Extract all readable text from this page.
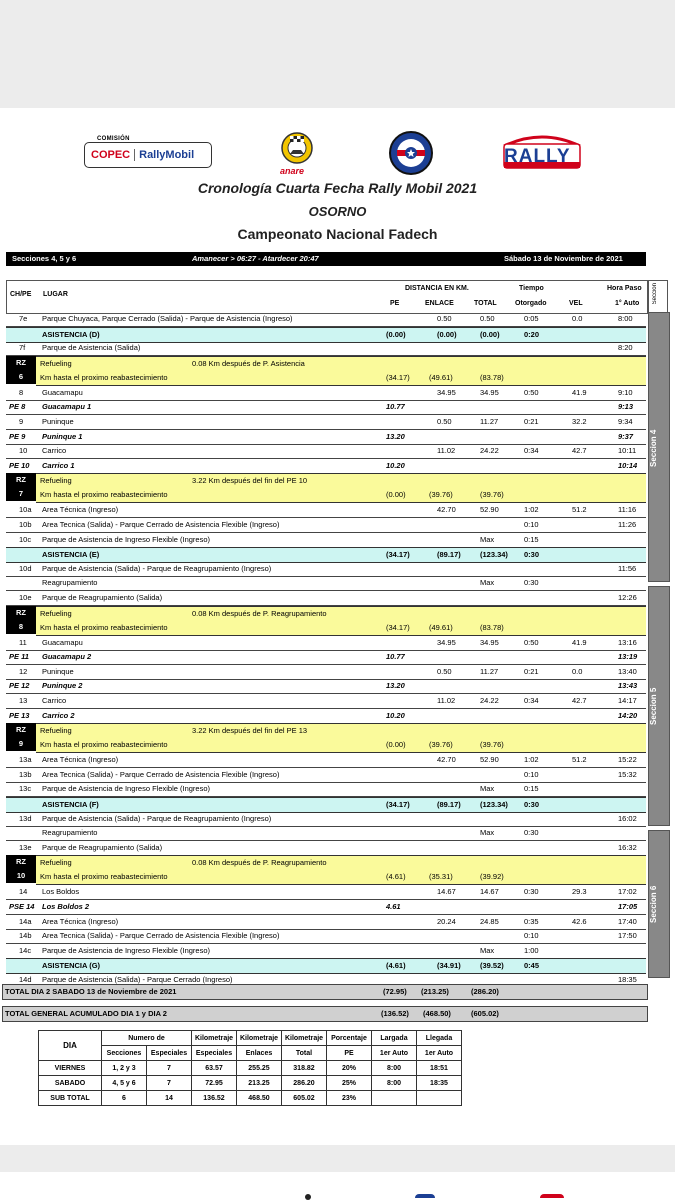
COPEC RallyMobil
COMISIÓN
anare
RALLY
Cronología Cuarta Fecha Rally Mobil 2021
OSORNO
Campeonato Nacional Fadech
Secciones 4, 5 y 6	Amanecer > 06:27 - Atardecer 20:47	Sábado 13 de Noviembre de 2021
CH/PE LUGAR
DISTANCIA EN KM.
PE	ENLACE	TOTAL
Tiempo
Otorgado	VEL
Hora Paso
1° Auto Seccion
7e Parque Chuyaca, Parque Cerrado (Salida) - Parque de Asistencia (Ingreso)	0.50	0.50	0:05	0.0	8:00
ASISTENCIA (D)	(0.00)	(0.00)	(0.00)	0:20
7f Parque de Asistencia (Salida)	8:20
RZ
6
Refueling	0.08 Km después de P. Asistencia
Km hasta el proximo reabastecimiento	(34.17)	(49.61)	(83.78)
8	Guacamapu	34.95	34.95	0:50	41.9	9:10
PE 8 Guacamapu 1	10.77	9:13
9	Puninque	0.50	11.27	0:21	32.2	9:34
PE 9 Puninque 1	13.20	9:37
10 Carrico	11.02	24.22	0:34	42.7	10:11
PE 10 Carrico 1	10.20	10:14
RZ
7
Refueling	3.22 Km después del fin del PE 10
Km hasta el proximo reabastecimiento	(0.00)	(39.76)	(39.76)
10a Area Técnica (Ingreso)	42.70	52.90	1:02	51.2	11:16
10b Area Tecnica (Salida) - Parque Cerrado de Asistencia Flexible (Ingreso)	0:10	11:26
10c Parque de Asistencia de Ingreso Flexible (Ingreso)	Max	0:15
ASISTENCIA (E)	(34.17)	(89.17)	(123.34) 0:30
10d Parque de Asistencia (Salida) - Parque de Reagrupamiento (Ingreso)	11:56
Reagrupamiento	Max	0:30
10e Parque de Reagrupamiento (Salida)	12:26
RZ
8
Refueling	0.08 Km después de P. Reagrupamiento
Km hasta el proximo reabastecimiento	(34.17)	(49.61)	(83.78)
11 Guacamapu	34.95	34.95	0:50	41.9	13:16
PE 11 Guacamapu 2	10.77	13:19
12 Puninque	0.50	11.27	0:21	0.0	13:40
PE 12 Puninque 2	13.20	13:43
13 Carrico	11.02	24.22	0:34	42.7	14:17
PE 13 Carrico 2	10.20	14:20
RZ
9
Refueling	3.22 Km después del fin del PE 13
Km hasta el proximo reabastecimiento	(0.00)	(39.76)	(39.76)
13a Area Técnica (Ingreso)	42.70	52.90	1:02	51.2	15:22
13b Area Tecnica (Salida) - Parque Cerrado de Asistencia Flexible (Ingreso)	0:10	15:32
13c Parque de Asistencia de Ingreso Flexible (Ingreso)	Max	0:15
ASISTENCIA (F)	(34.17)	(89.17)	(123.34) 0:30
13d Parque de Asistencia (Salida) - Parque de Reagrupamiento (Ingreso)	16:02
Reagrupamiento	Max	0:30
13e Parque de Reagrupamiento (Salida)	16:32
RZ
10
Refueling	0.08 Km después de P. Reagrupamiento
Km hasta el proximo reabastecimiento	(4.61)	(35.31)	(39.92)
14 Los Boldos	14.67	14.67	0:30	29.3	17:02
PSE 14 Los Boldos 2	4.61	17:05
14a Area Técnica (Ingreso)	20.24	24.85	0:35	42.6	17:40
14b Area Tecnica (Salida) - Parque Cerrado de Asistencia Flexible (Ingreso)	0:10	17:50
14c Parque de Asistencia de Ingreso Flexible (Ingreso)	Max	1:00
ASISTENCIA (G)	(4.61)	(34.91)	(39.52)	0:45
14d Parque de Asistencia (Salida) - Parque Cerrado (Ingreso)	18:35
Seccion 4
Seccion 5
Seccion 6
TOTAL DIA 2 SABADO 13 de Noviembre de 2021	(72.95) (213.25)	(286.20)
TOTAL GENERAL ACUMULADO DIA 1 y DIA 2	(136.52) (468.50)	(605.02)
DIA	Numero de		Kilometraje	Kilometraje	Kilometraje	Porcentaje	Largada	Llegada
	Secciones	Especiales	Especiales	Enlaces	Total	PE	1er Auto	1er Auto
VIERNES	1, 2 y 3	7	63.57	255.25	318.82	20%	8:00	18:51
SABADO	4, 5 y 6	7	72.95	213.25	286.20	25%	8:00	18:35
SUB TOTAL	6	14	136.52	468.50	605.02	23%		
